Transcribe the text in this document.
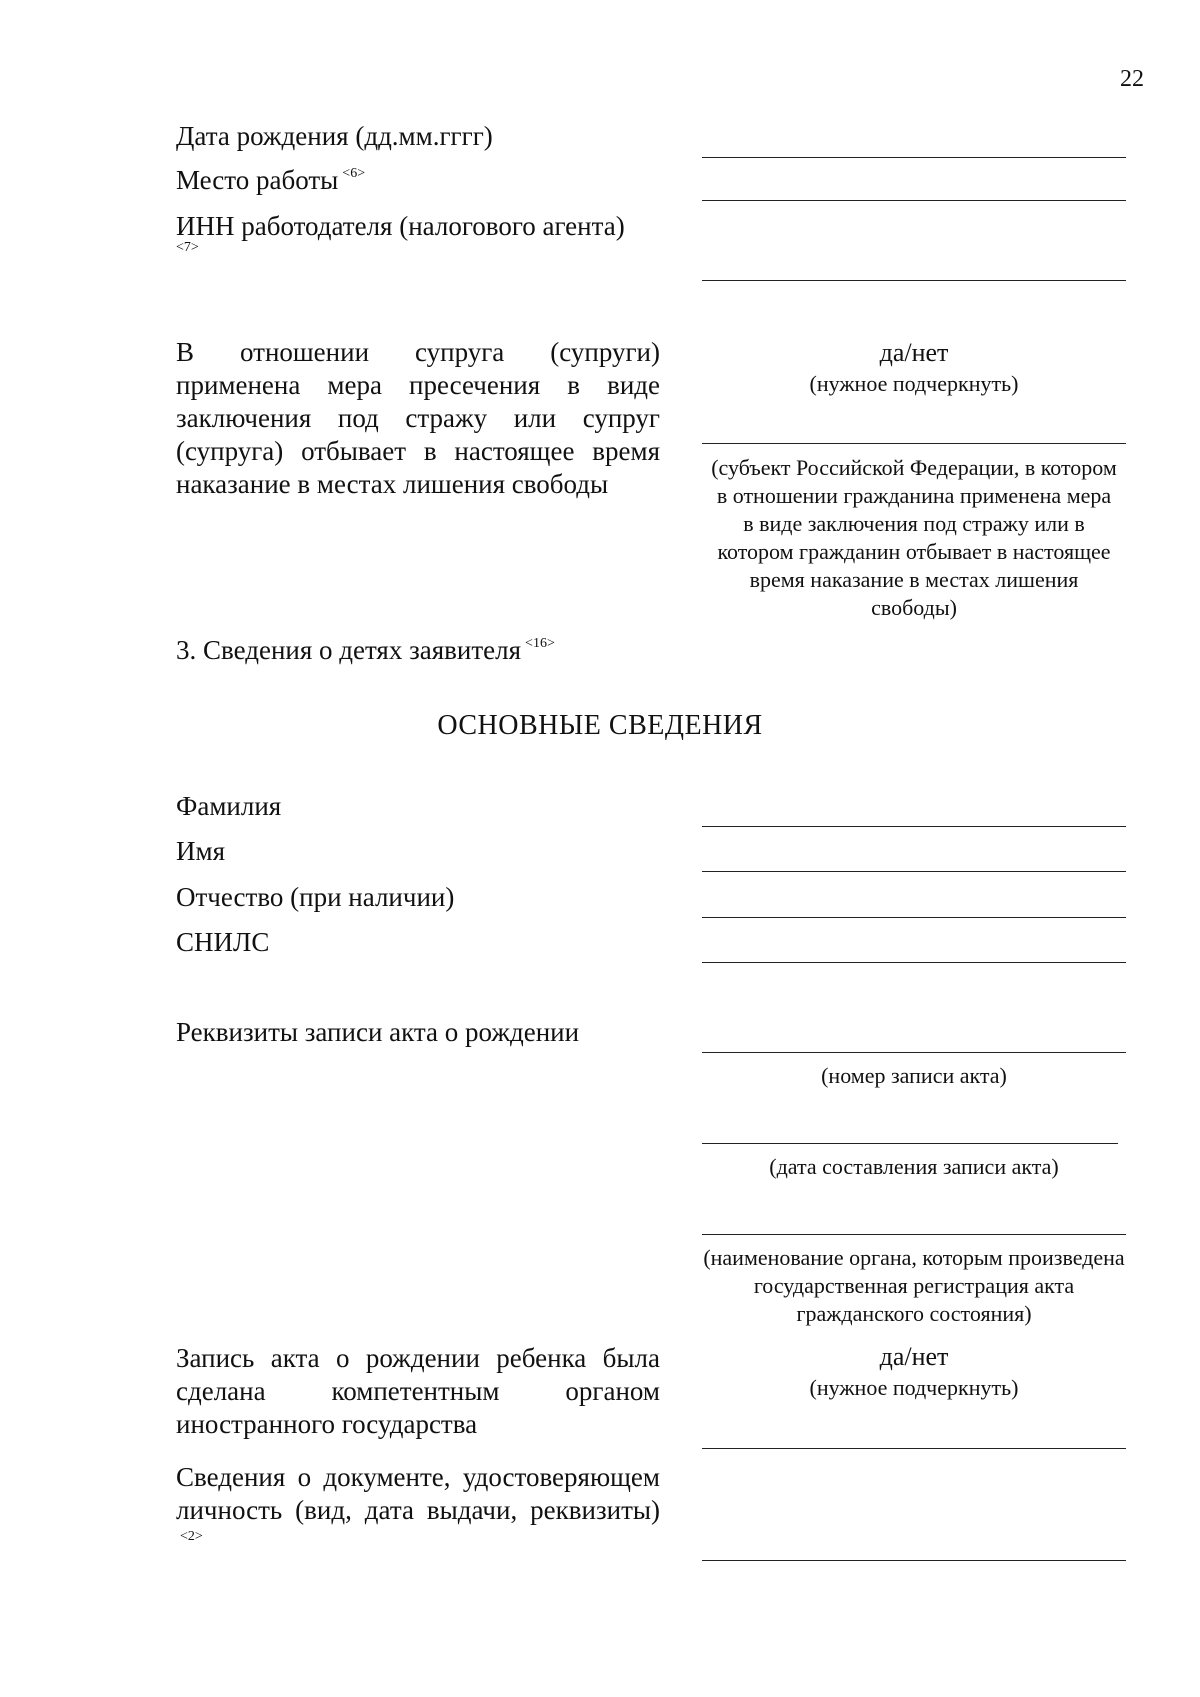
22
Дата рождения (дд.мм.гггг)
Место работы $^{<6>}$
ИНН работодателя (налогового агента)
<7>
В отношении супруга (супруги) применена мера пресечения в виде заключения под стражу или супруг (супруга) отбывает в настоящее время наказание в местах лишения свободы
да/нет
(нужное подчеркнуть)
(субъект Российской Федерации, в котором в отношении гражданина применена мера в виде заключения под стражу или в котором гражданин отбывает в настоящее время наказание в местах лишения свободы)
3. Сведения о детях заявителя $^{<16>}$
ОСНОВНЫЕ СВЕДЕНИЯ
Фамилия
Имя
Отчество (при наличии)
СНИЛС
Реквизиты записи акта о рождении
(номер записи акта)
(дата составления записи акта)
(наименование органа, которым произведена государственная регистрация акта гражданского состояния)
Запись акта о рождении ребенка была сделана компетентным органом иностранного государства
да/нет
(нужное подчеркнуть)
Сведения о документе, удостоверяющем личность (вид, дата выдачи, реквизиты)$^{<2>}$
